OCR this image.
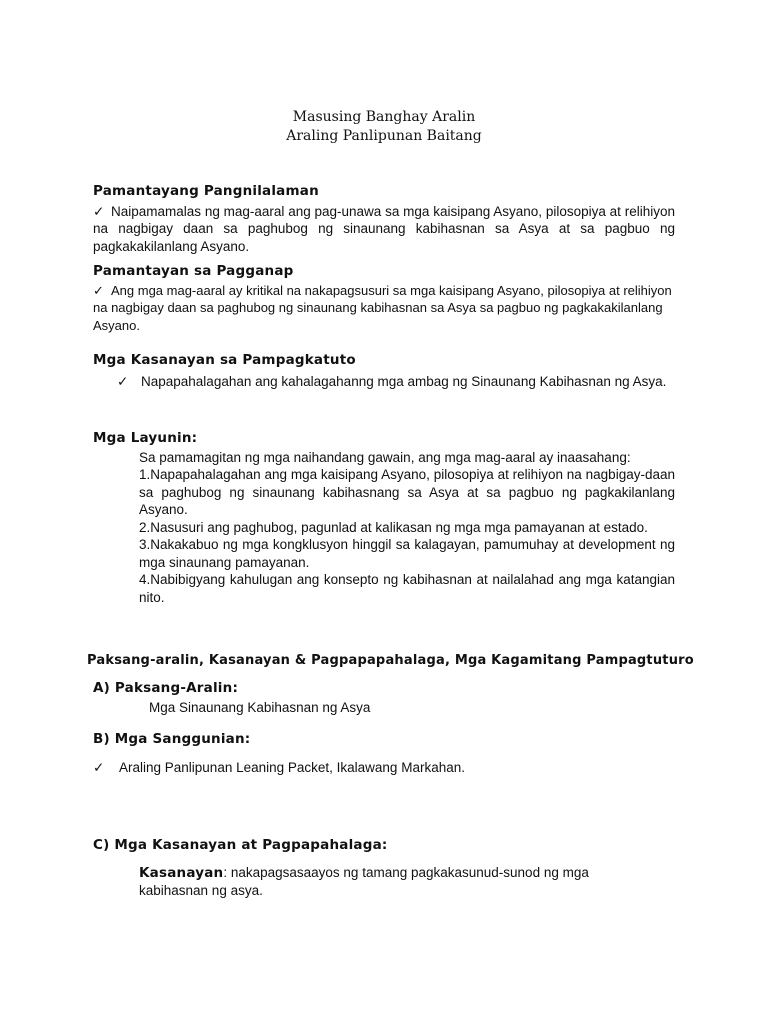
Masusing Banghay Aralin
Araling Panlipunan Baitang
Pamantayang Pangnilalaman
✓ Naipamamalas ng mag-aaral ang pag-unawa sa mga kaisipang Asyano, pilosopiya at relihiyon na nagbigay daan sa paghubog ng sinaunang kabihasnan sa Asya at sa pagbuo ng pagkakakilanlang Asyano.
Pamantayan sa Pagganap
✓ Ang mga mag-aaral ay kritikal na nakapagsusuri sa mga kaisipang Asyano, pilosopiya at relihiyon na nagbigay daan sa paghubog ng sinaunang kabihasnan sa Asya sa pagbuo ng pagkakakilanlang Asyano.
Mga Kasanayan sa Pampagkatuto
✓ Napapahalagahan ang kahalagahanng mga ambag ng Sinaunang Kabihasnan ng Asya.
Mga Layunin:
Sa pamamagitan ng mga naihandang gawain, ang mga mag-aaral ay inaasahang:
1.Napapahalagahan ang mga kaisipang Asyano, pilosopiya at relihiyon na nagbigay-daan sa paghubog ng sinaunang kabihasnang sa Asya at sa pagbuo ng pagkakilanlang Asyano.
2.Nasusuri ang paghubog, pagunlad at kalikasan ng mga mga pamayanan at estado.
3.Nakakabuo ng mga kongklusyon hinggil sa kalagayan, pamumuhay at development ng mga sinaunang pamayanan.
4.Nabibigyang kahulugan ang konsepto ng kabihasnan at nailalahad ang mga katangian nito.
Paksang-aralin, Kasanayan & Pagpapapahalaga, Mga Kagamitang Pampagtuturo
A) Paksang-Aralin:
Mga Sinaunang Kabihasnan ng Asya
B) Mga Sanggunian:
✓ Araling Panlipunan Leaning Packet, Ikalawang Markahan.
C) Mga Kasanayan at Pagpapahalaga:
Kasanayan: nakapagsasaayos ng tamang pagkakasunud-sunod ng mga kabihasnan ng asya.
